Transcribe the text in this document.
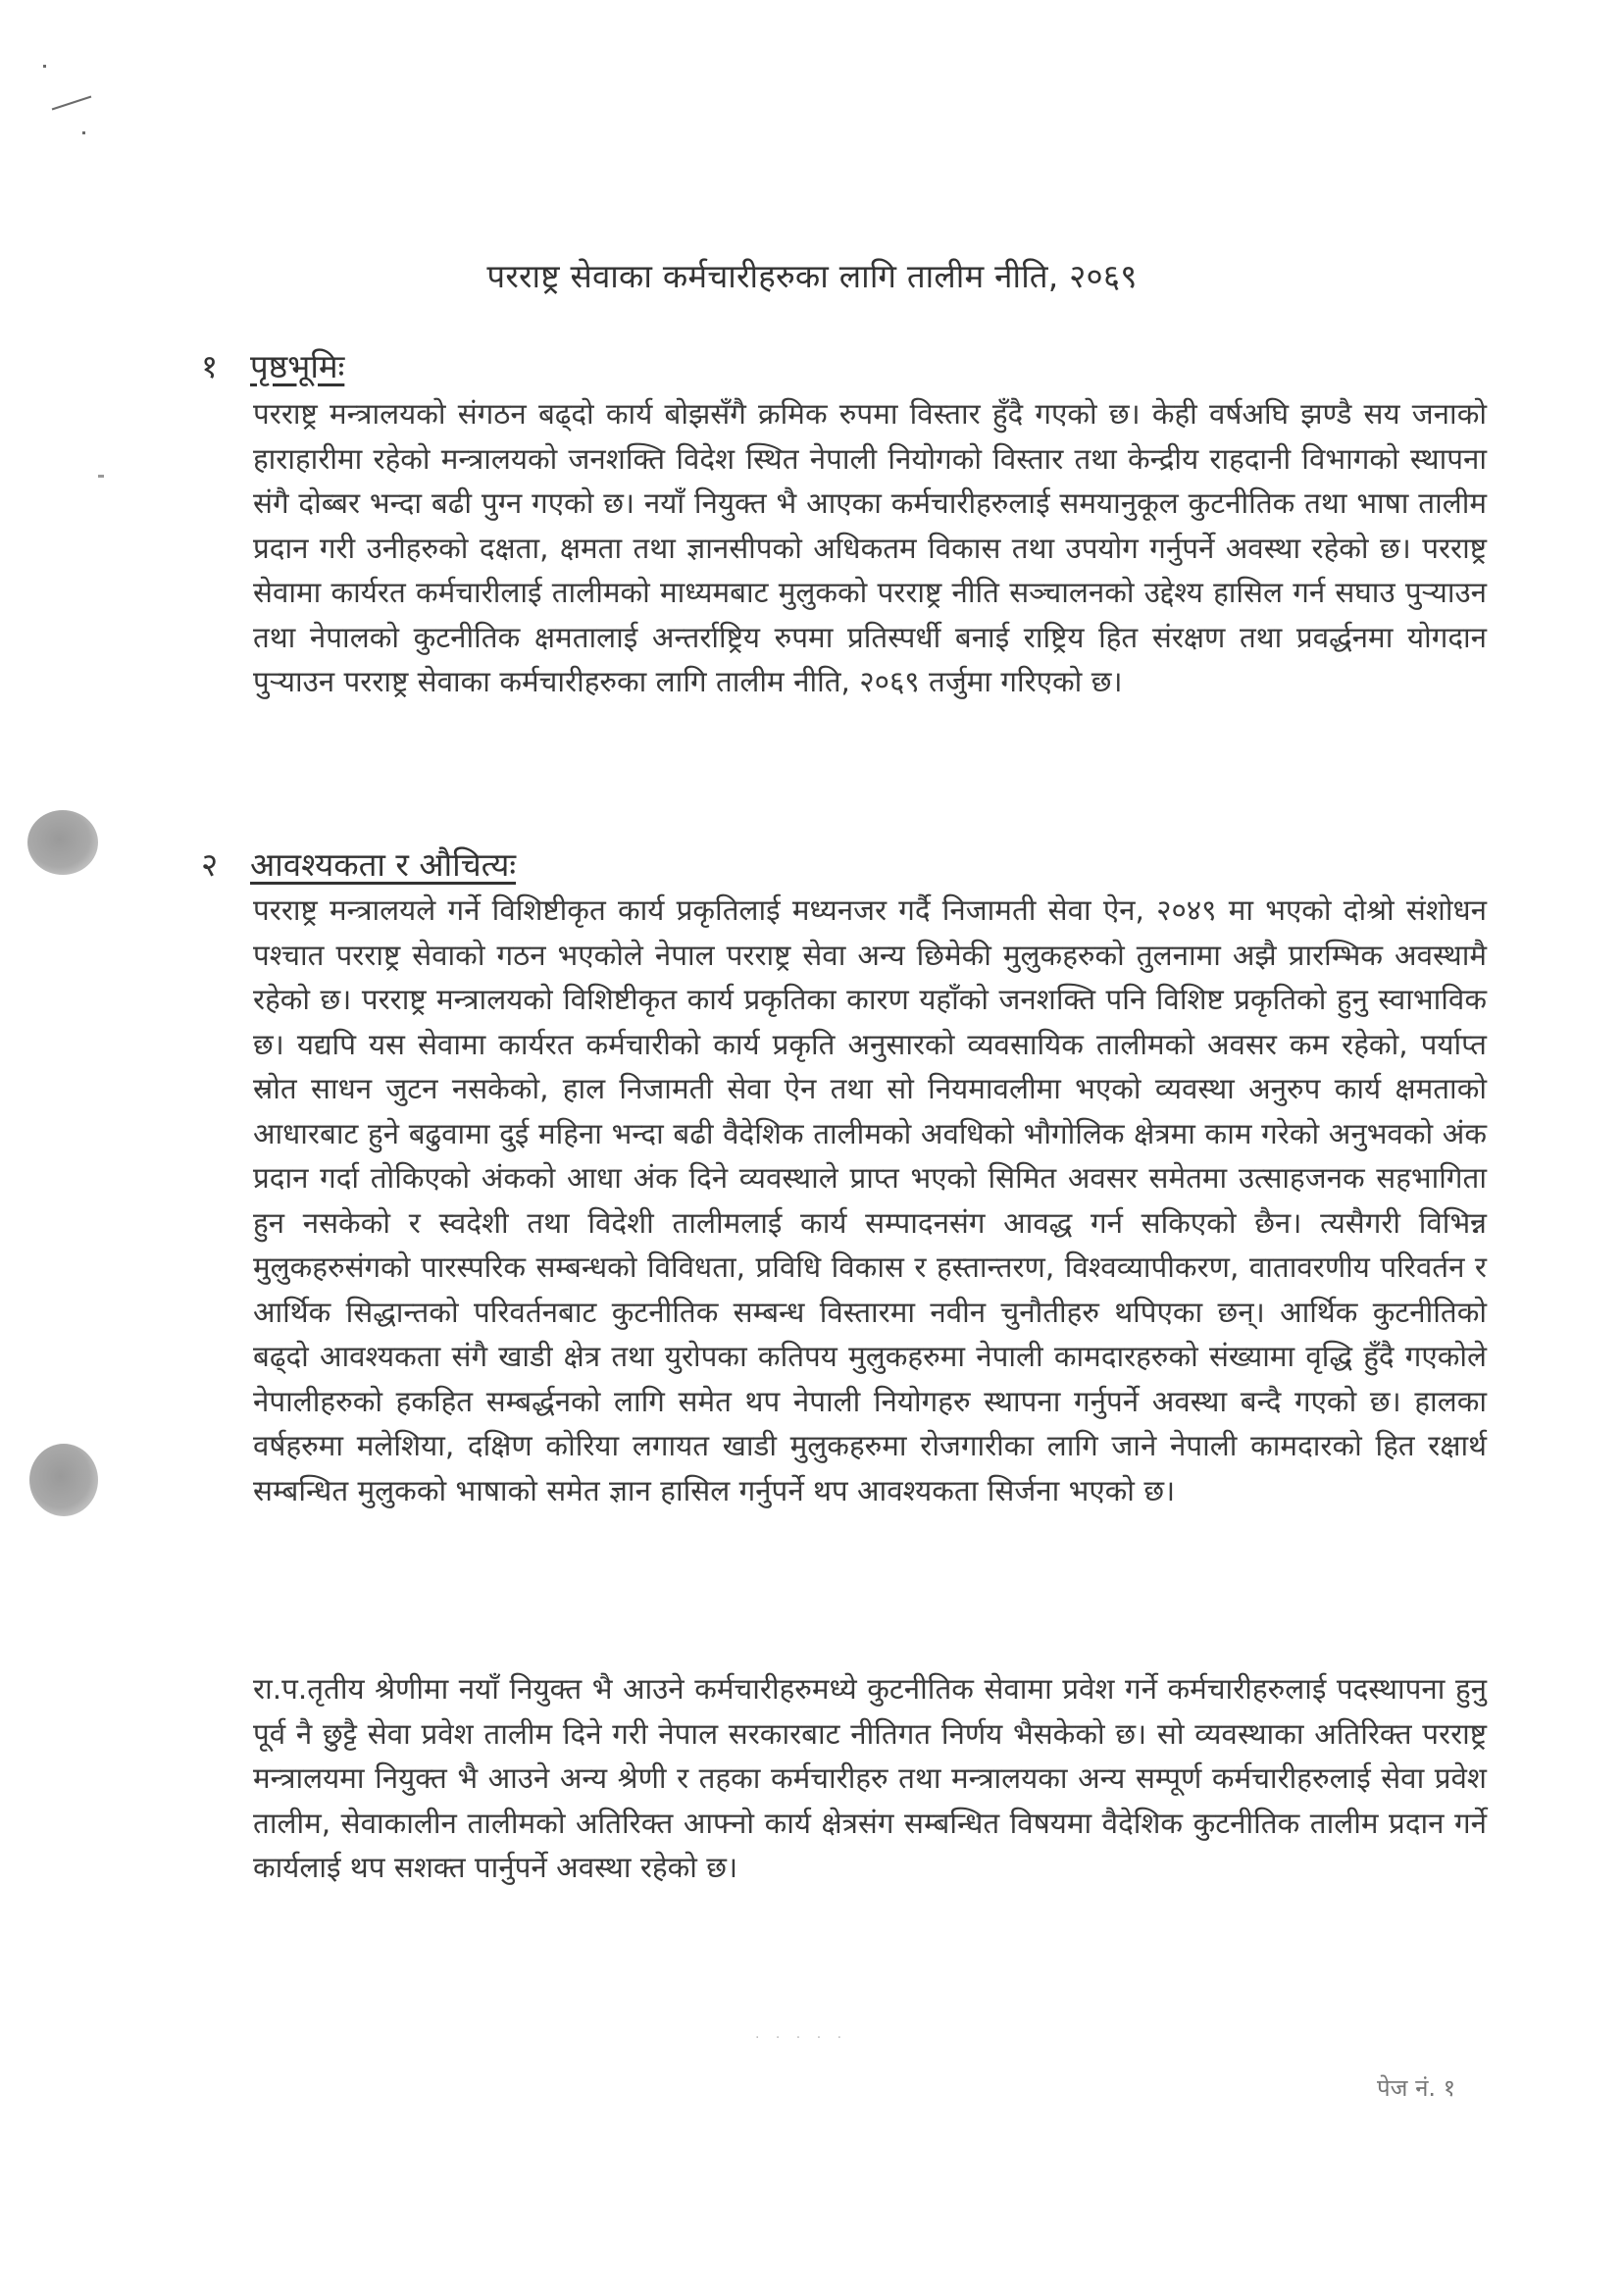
· · · · ·
परराष्ट्र सेवाका कर्मचारीहरुका लागि तालीम नीति, २०६९
१ पृष्ठभूमिः

परराष्ट्र मन्त्रालयको संगठन बढ्दो कार्य बोझसँगै क्रमिक रुपमा विस्तार हुँदै गएको छ। केही वर्षअघि झण्डै सय जनाको हाराहारीमा रहेको मन्त्रालयको जनशक्ति विदेश स्थित नेपाली नियोगको विस्तार तथा केन्द्रीय राहदानी विभागको स्थापना संगै दोब्बर भन्दा बढी पुग्न गएको छ। नयाँ नियुक्त भै आएका कर्मचारीहरुलाई समयानुकूल कुटनीतिक तथा भाषा तालीम प्रदान गरी उनीहरुको दक्षता, क्षमता तथा ज्ञानसीपको अधिकतम विकास तथा उपयोग गर्नुपर्ने अवस्था रहेको छ। परराष्ट्र सेवामा कार्यरत कर्मचारीलाई तालीमको माध्यमबाट मुलुकको परराष्ट्र नीति सञ्चालनको उद्देश्य हासिल गर्न सघाउ पुऱ्याउन तथा नेपालको कुटनीतिक क्षमतालाई अन्तर्राष्ट्रिय रुपमा प्रतिस्पर्धी बनाई राष्ट्रिय हित संरक्षण तथा प्रवर्द्धनमा योगदान पुऱ्याउन परराष्ट्र सेवाका कर्मचारीहरुका लागि तालीम नीति, २०६९ तर्जुमा गरिएको छ।

२ आवश्यकता र औचित्यः

परराष्ट्र मन्त्रालयले गर्ने विशिष्टीकृत कार्य प्रकृतिलाई मध्यनजर गर्दै निजामती सेवा ऐन, २०४९ मा भएको दोश्रो संशोधन पश्चात परराष्ट्र सेवाको गठन भएकोले नेपाल परराष्ट्र सेवा अन्य छिमेकी मुलुकहरुको तुलनामा अझै प्रारम्भिक अवस्थामै रहेको छ। परराष्ट्र मन्त्रालयको विशिष्टीकृत कार्य प्रकृतिका कारण यहाँको जनशक्ति पनि विशिष्ट प्रकृतिको हुनु स्वाभाविक छ। यद्यपि यस सेवामा कार्यरत कर्मचारीको कार्य प्रकृति अनुसारको व्यवसायिक तालीमको अवसर कम रहेको, पर्याप्त स्रोत साधन जुटन नसकेको, हाल निजामती सेवा ऐन तथा सो नियमावलीमा भएको व्यवस्था अनुरुप कार्य क्षमताको आधारबाट हुने बढुवामा दुई महिना भन्दा बढी वैदेशिक तालीमको अवधिको भौगोलिक क्षेत्रमा काम गरेको अनुभवको अंक प्रदान गर्दा तोकिएको अंकको आधा अंक दिने व्यवस्थाले प्राप्त भएको सिमित अवसर समेतमा उत्साहजनक सहभागिता हुन नसकेको र स्वदेशी तथा विदेशी तालीमलाई कार्य सम्पादनसंग आवद्ध गर्न सकिएको छैन। त्यसैगरी विभिन्न मुलुकहरुसंगको पारस्परिक सम्बन्धको विविधता, प्रविधि विकास र हस्तान्तरण, विश्वव्यापीकरण, वातावरणीय परिवर्तन र आर्थिक सिद्धान्तको परिवर्तनबाट कुटनीतिक सम्बन्ध विस्तारमा नवीन चुनौतीहरु थपिएका छन्। आर्थिक कुटनीतिको बढ्दो आवश्यकता संगै खाडी क्षेत्र तथा युरोपका कतिपय मुलुकहरुमा नेपाली कामदारहरुको संख्यामा वृद्धि हुँदै गएकोले नेपालीहरुको हकहित सम्बर्द्धनको लागि समेत थप नेपाली नियोगहरु स्थापना गर्नुपर्ने अवस्था बन्दै गएको छ। हालका वर्षहरुमा मलेशिया, दक्षिण कोरिया लगायत खाडी मुलुकहरुमा रोजगारीका लागि जाने नेपाली कामदारको हित रक्षार्थ सम्बन्धित मुलुकको भाषाको समेत ज्ञान हासिल गर्नुपर्ने थप आवश्यकता सिर्जना भएको छ।

रा.प.तृतीय श्रेणीमा नयाँ नियुक्त भै आउने कर्मचारीहरुमध्ये कुटनीतिक सेवामा प्रवेश गर्ने कर्मचारीहरुलाई पदस्थापना हुनु पूर्व नै छुट्टै सेवा प्रवेश तालीम दिने गरी नेपाल सरकारबाट नीतिगत निर्णय भैसकेको छ। सो व्यवस्थाका अतिरिक्त परराष्ट्र मन्त्रालयमा नियुक्त भै आउने अन्य श्रेणी र तहका कर्मचारीहरु तथा मन्त्रालयका अन्य सम्पूर्ण कर्मचारीहरुलाई सेवा प्रवेश तालीम, सेवाकालीन तालीमको अतिरिक्त आफ्नो कार्य क्षेत्रसंग सम्बन्धित विषयमा वैदेशिक कुटनीतिक तालीम प्रदान गर्ने कार्यलाई थप सशक्त पार्नुपर्ने अवस्था रहेको छ।

पेज नं. १
